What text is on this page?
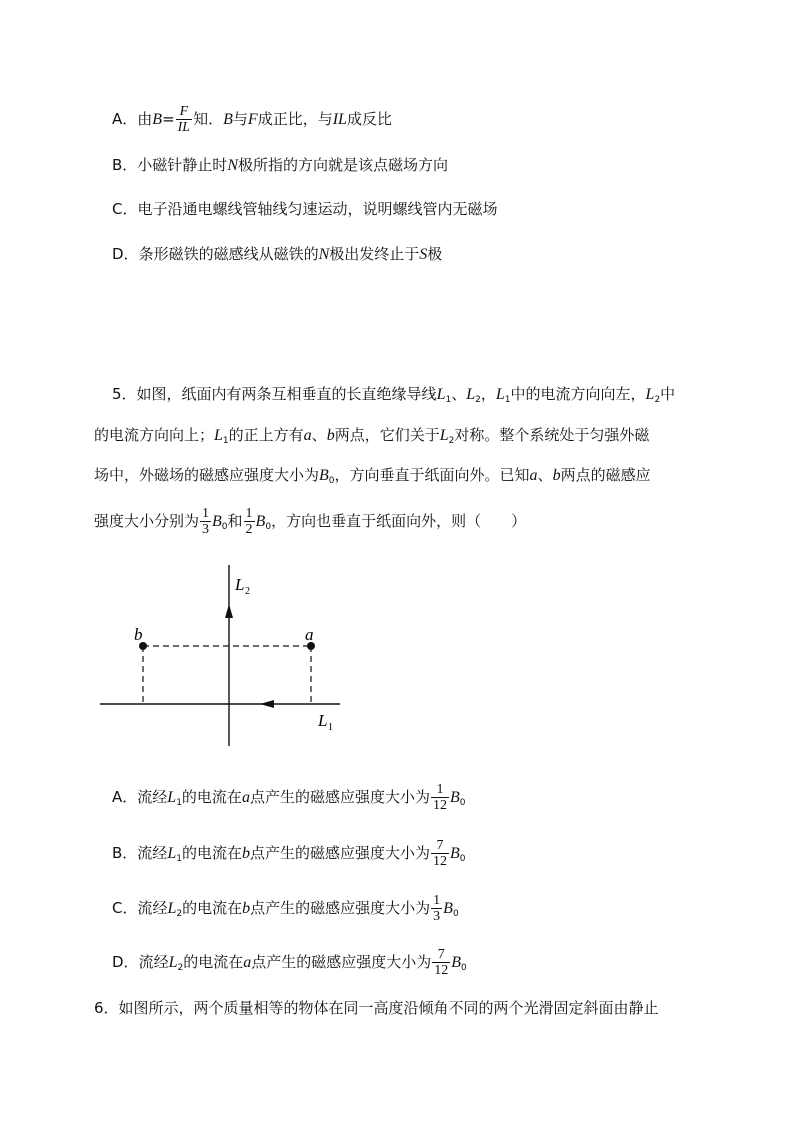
A．由$B= \frac{F}{IL}$ 知．B与F成正比，与IL成反比
B．小磁针静止时N极所指的方向就是该点磁场方向
C．电子沿通电螺线管轴线匀速运动，说明螺线管内无磁场
D．条形磁铁的磁感线从磁铁的N极出发终止于S极
5．如图，纸面内有两条互相垂直的长直绝缘导线$L_1$、$L_2$，$L_1$中的电流方向向左，$L_2$中
的电流方向向上；$L_1$的正上方有a、b两点，它们关于$L_2$对称。整个系统处于匀强外磁
场中，外磁场的磁感应强度大小为$B_0$，方向垂直于纸面向外。已知a、b两点的磁感应
强度大小分别为 $\frac{1}{3} B_0$和 $\frac{1}{2} B_0$，方向也垂直于纸面向外，则（　　）
b	a
L 2
L 1
A．流经$L_1$的电流在a点产生的磁感应强度大小为 $\frac{1}{12} B_0$
B．流经$L_1$的电流在b点产生的磁感应强度大小为 $\frac{7}{12} B_0$
C．流经$L_2$的电流在b点产生的磁感应强度大小为 $\frac{1}{3} B_0$
D．流经$L_2$的电流在a点产生的磁感应强度大小为 $\frac{7}{12} B_0$
6．如图所示，两个质量相等的物体在同一高度沿倾角不同的两个光滑固定斜面由静止
